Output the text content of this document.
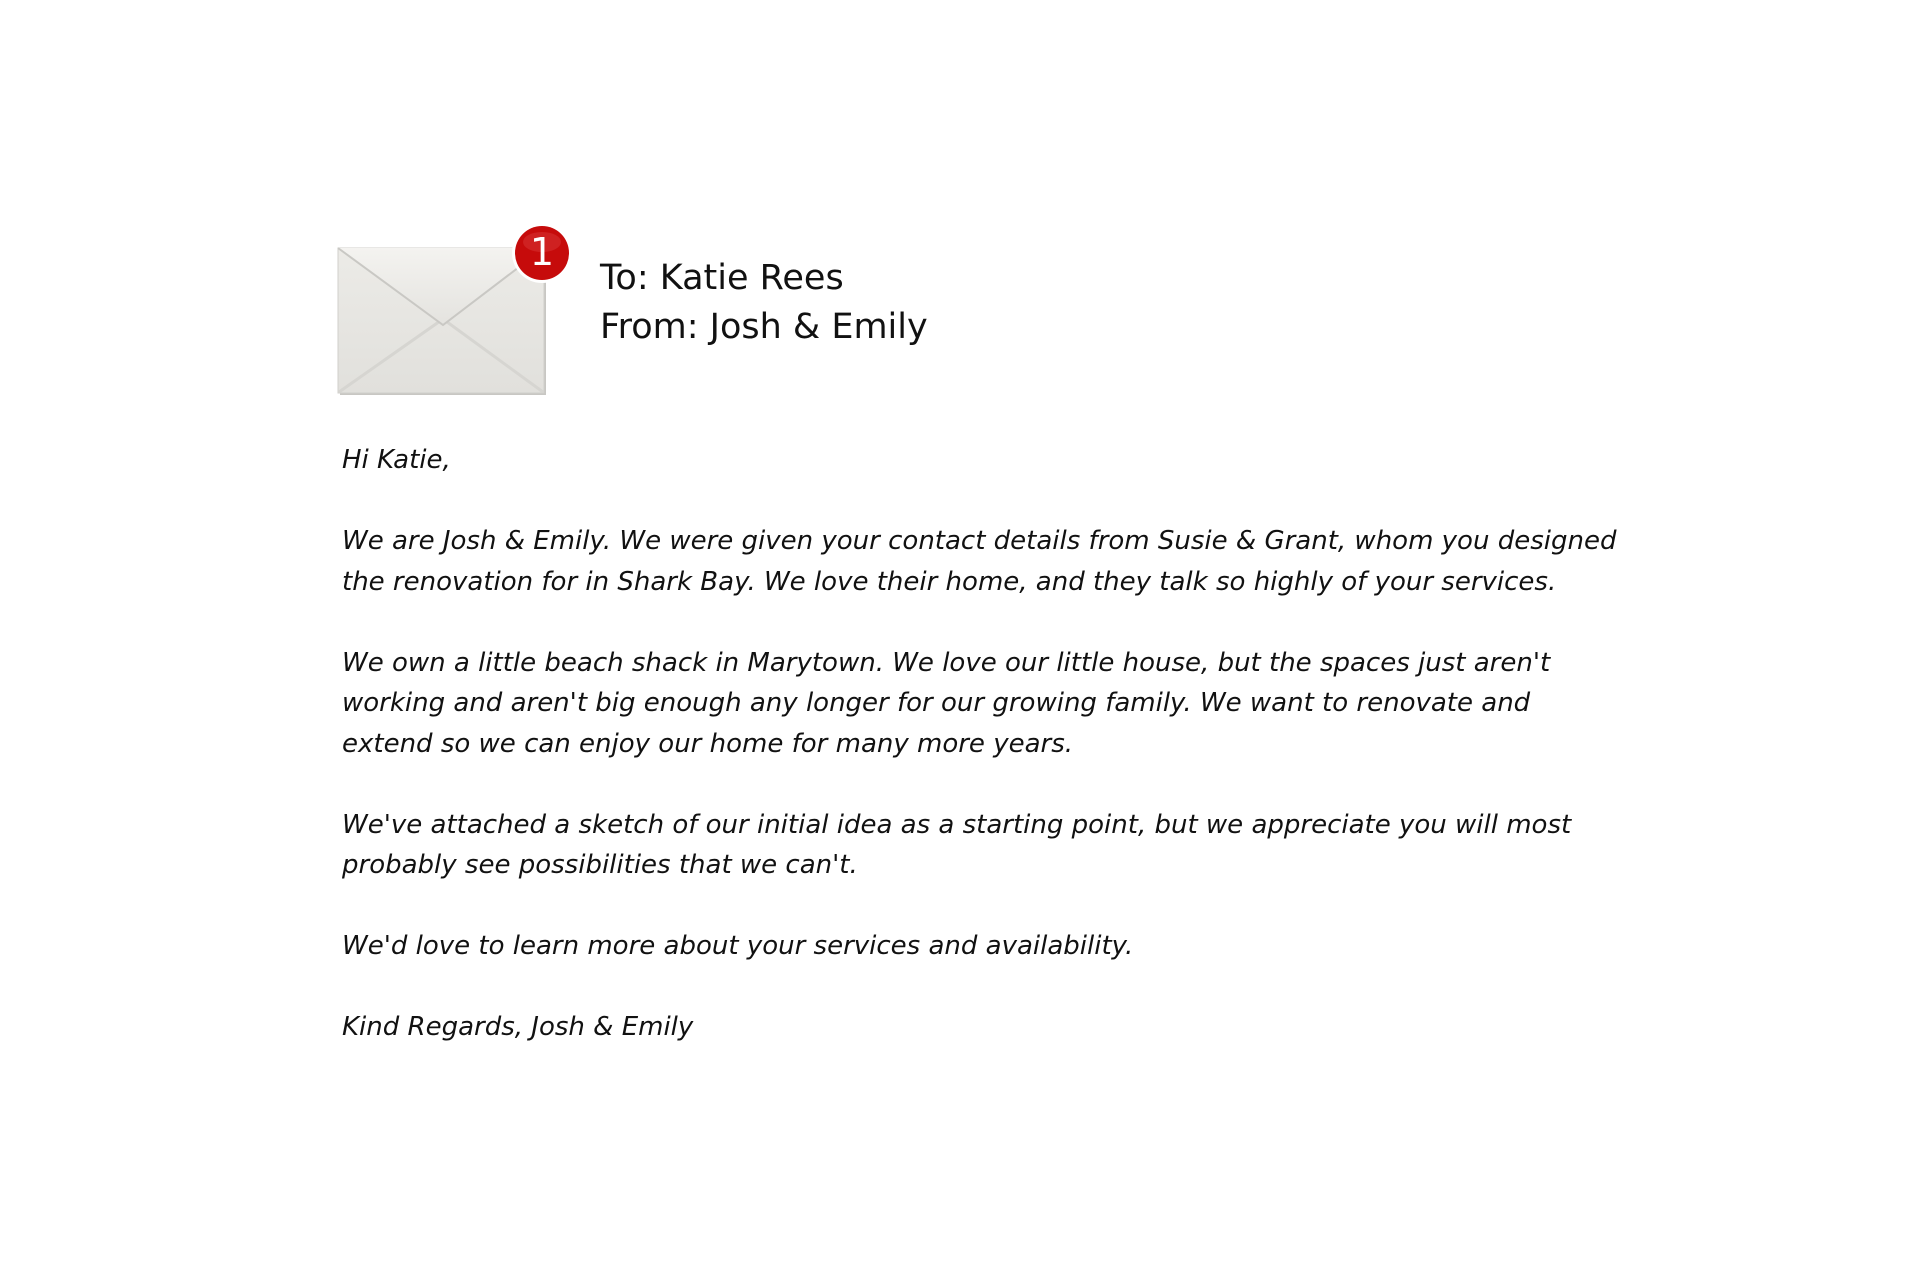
1
To: Katie Rees
From: Josh & Emily

Hi Katie,

We are Josh & Emily. We were given your contact details from Susie & Grant, whom you designed
the renovation for in Shark Bay. We love their home, and they talk so highly of your services.

We own a little beach shack in Marytown. We love our little house, but the spaces just aren't
working and aren't big enough any longer for our growing family. We want to renovate and
extend so we can enjoy our home for many more years.

We've attached a sketch of our initial idea as a starting point, but we appreciate you will most
probably see possibilities that we can't.

We'd love to learn more about your services and availability.

Kind Regards, Josh & Emily
